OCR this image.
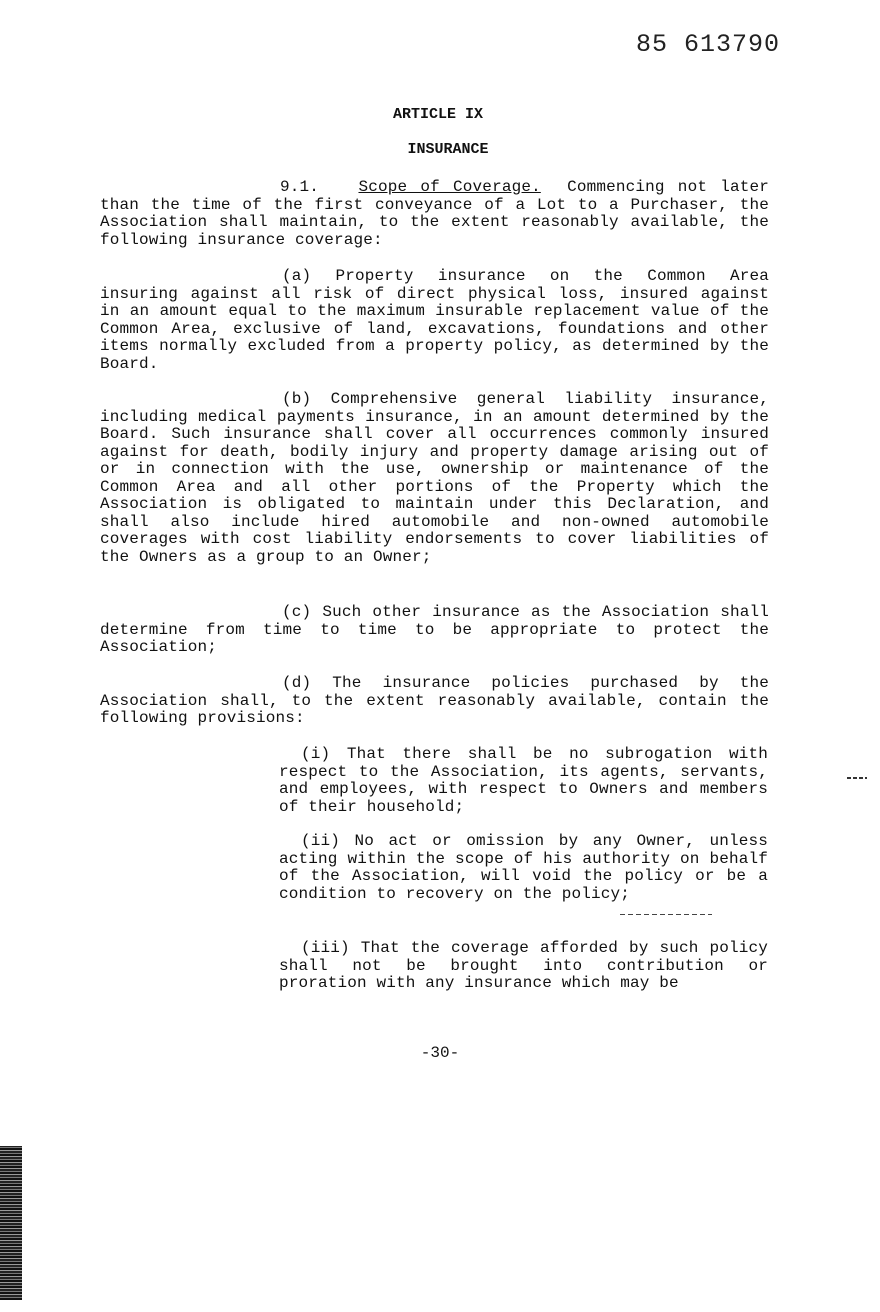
85 613790
ARTICLE IX
INSURANCE

9.1. Scope of Coverage. Commencing not later than the time of the first conveyance of a Lot to a Purchaser, the Association shall maintain, to the extent reasonably available, the following insurance coverage:

(a) Property insurance on the Common Area insuring against all risk of direct physical loss, insured against in an amount equal to the maximum insurable replacement value of the Common Area, exclusive of land, excavations, foundations and other items normally excluded from a property policy, as determined by the Board.

(b) Comprehensive general liability insurance, including medical payments insurance, in an amount determined by the Board. Such insurance shall cover all occurrences commonly insured against for death, bodily injury and property damage arising out of or in connection with the use, ownership or maintenance of the Common Area and all other portions of the Property which the Association is obligated to maintain under this Declaration, and shall also include hired automobile and non-owned automobile coverages with cost liability endorsements to cover liabilities of the Owners as a group to an Owner;

(c) Such other insurance as the Association shall determine from time to time to be appropriate to protect the Association;

(d) The insurance policies purchased by the Association shall, to the extent reasonably available, contain the following provisions:

(i) That there shall be no subrogation with respect to the Association, its agents, servants, and employees, with respect to Owners and members of their household;

(ii) No act or omission by any Owner, unless acting within the scope of his authority on behalf of the Association, will void the policy or be a condition to recovery on the policy;

(iii) That the coverage afforded by such policy shall not be brought into contribution or proration with any insurance which may be

-30-
